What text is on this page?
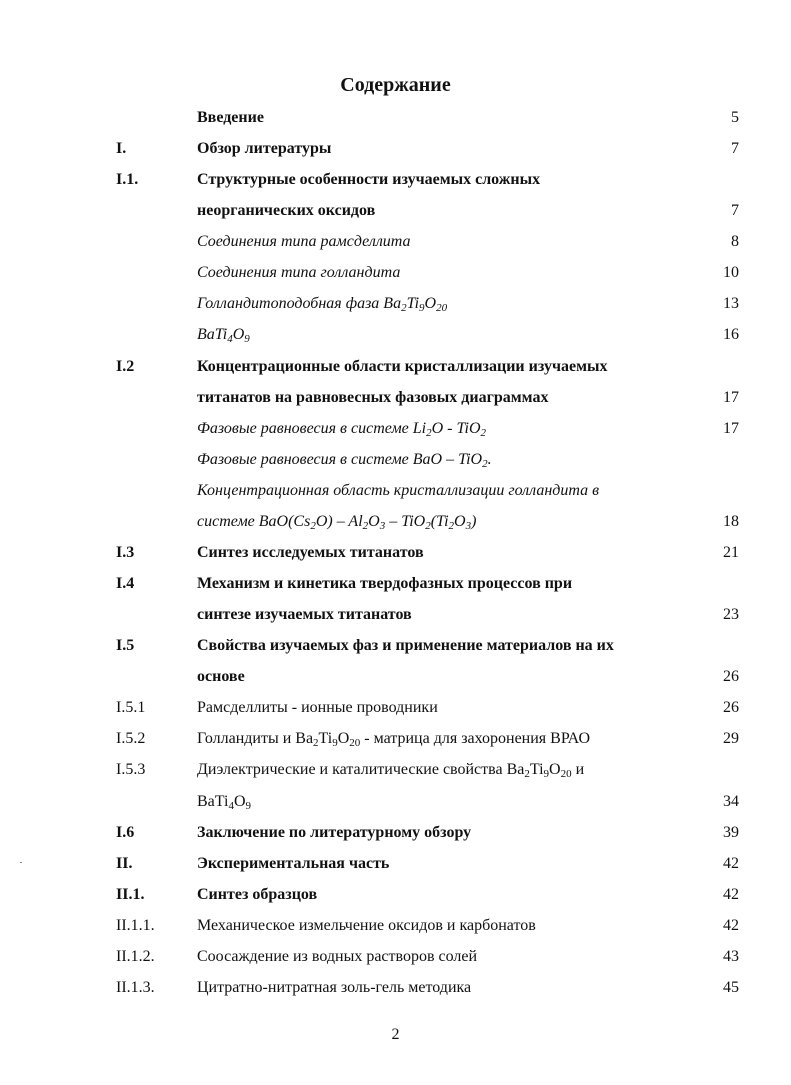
Содержание
Введение	5
I.	Обзор литературы	7
I.1.	Структурные особенности изучаемых сложных
неорганических оксидов	7
Соединения типа рамсделлита	8
Соединения типа голландита	10
Голландитоподобная фаза $Ba_2Ti_9O_{20}$	13
$BaTi_4O_9$	16
I.2	Концентрационные области кристаллизации изучаемых
титанатов на равновесных фазовых диаграммах	17
Фазовые равновесия в системе $Li_2O - TiO_2$	17
Фазовые равновесия в системе BaO – TiO$_2$.
Концентрационная область кристаллизации голландита в
системе $BaO(Cs_2O) - Al_2O_3 - TiO_2(Ti_2O_3)$	18
I.3	Синтез исследуемых титанатов	21
I.4	Механизм и кинетика твердофазных процессов при
синтезе изучаемых титанатов	23
I.5	Свойства изучаемых фаз и применение материалов на их
основе	26
I.5.1	Рамсделлиты - ионные проводники	26
I.5.2	Голландиты и $Ba_2Ti_9O_{20}$ - матрица для захоронения ВРАО	29
I.5.3	Диэлектрические и каталитические свойства $Ba_2Ti_9O_{20}$ и
$BaTi_4O_9$	34
I.6	Заключение по литературному обзору	39
II.	Экспериментальная часть	42
II.1.	Синтез образцов	42
II.1.1.	Механическое измельчение оксидов и карбонатов	42
II.1.2.	Соосаждение из водных растворов солей	43
II.1.3.	Цитратно-нитратная золь-гель методика	45
2
